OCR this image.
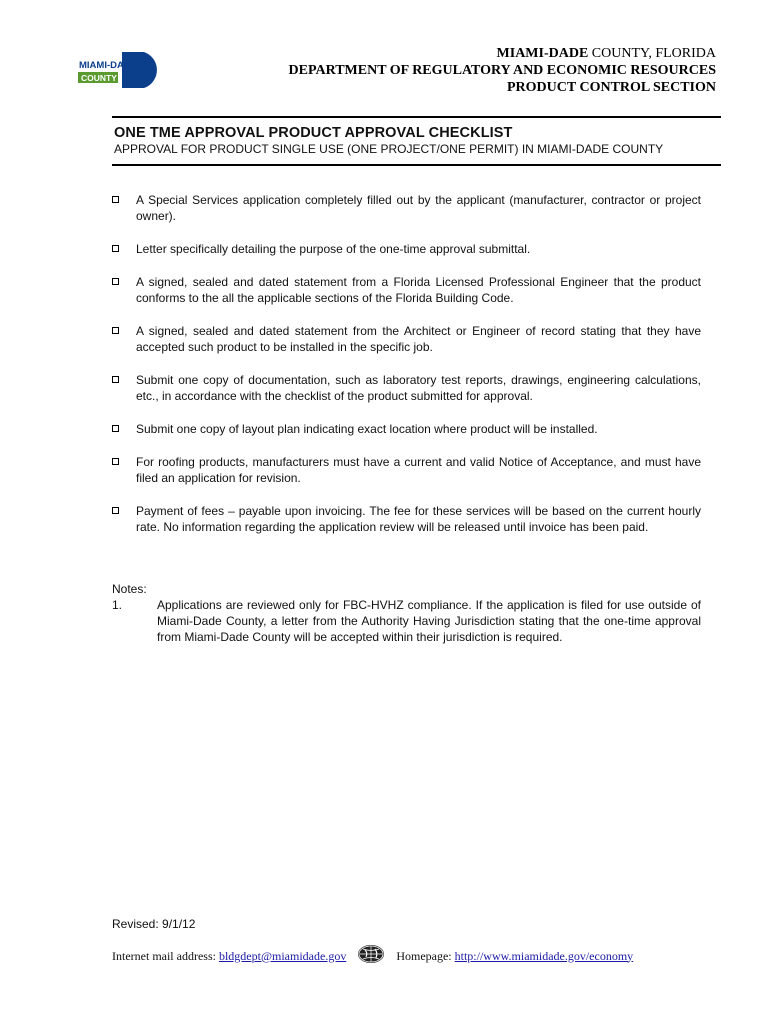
MIAMI-DADE
COUNTY
MIAMI-DADE COUNTY, FLORIDA
DEPARTMENT OF REGULATORY AND ECONOMIC RESOURCES
PRODUCT CONTROL SECTION
ONE TME APPROVAL PRODUCT APPROVAL CHECKLIST
APPROVAL FOR PRODUCT SINGLE USE (ONE PROJECT/ONE PERMIT) IN MIAMI-DADE COUNTY
A Special Services application completely filled out by the applicant (manufacturer, contractor or project owner).
Letter specifically detailing the purpose of the one-time approval submittal.
A signed, sealed and dated statement from a Florida Licensed Professional Engineer that the product conforms to the all the applicable sections of the Florida Building Code.
A signed, sealed and dated statement from the Architect or Engineer of record stating that they have accepted such product to be installed in the specific job.
Submit one copy of documentation, such as laboratory test reports, drawings, engineering calculations, etc., in accordance with the checklist of the product submitted for approval.
Submit one copy of layout plan indicating exact location where product will be installed.
For roofing products, manufacturers must have a current and valid Notice of Acceptance, and must have filed an application for revision.
Payment of fees – payable upon invoicing. The fee for these services will be based on the current hourly rate. No information regarding the application review will be released until invoice has been paid.
Notes:
1.	Applications are reviewed only for FBC-HVHZ compliance. If the application is filed for use outside of Miami-Dade County, a letter from the Authority Having Jurisdiction stating that the one-time approval from Miami-Dade County will be accepted within their jurisdiction is required.
Revised: 9/1/12
Internet mail address:
bldgdept@miamidade.gov	Homepage:
http://www.miamidade.gov/economy
